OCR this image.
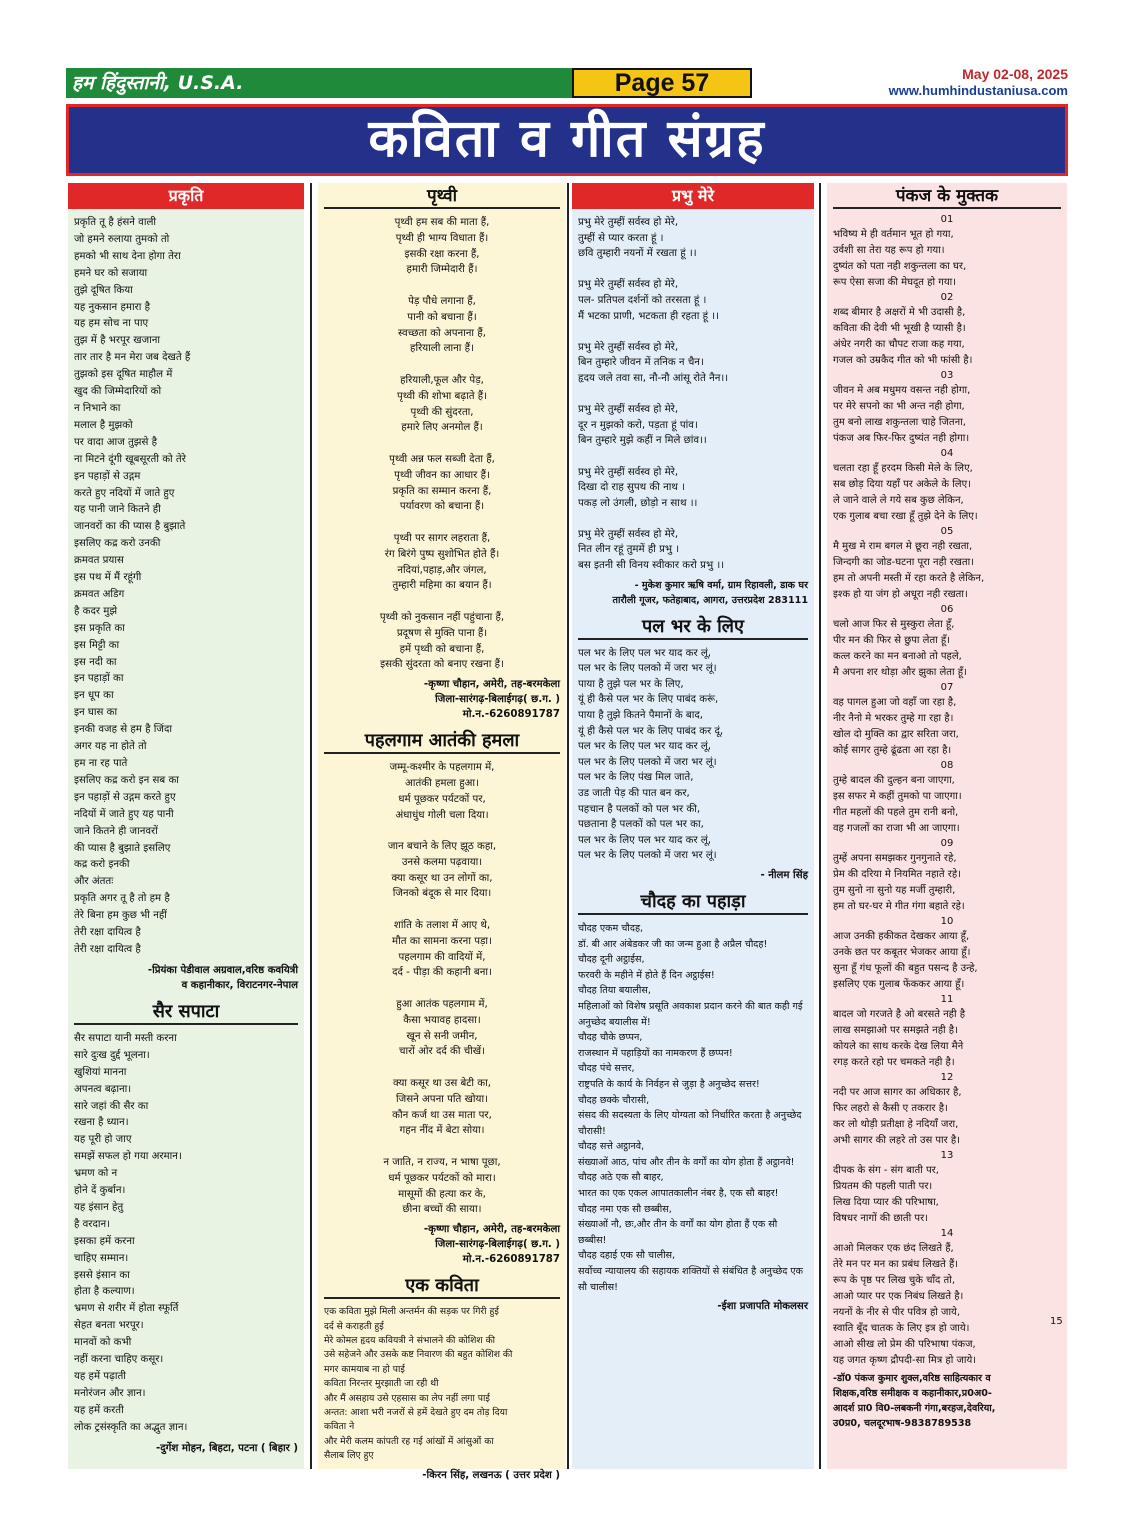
हम हिंदुस्तानी, U.S.A.	Page 57	May 02-08, 2025
www.humhindustaniusa.com
कविता व गीत संग्रह
प्रकृति
प्रकृति तू है हंसने वाली
जो हमने रुलाया तुमको तो
हमको भी साथ देना होगा तेरा
हमने घर को सजाया
तुझे दूषित किया
यह नुकसान हमारा है
यह हम सोच ना पाए
तुझ में है भरपूर खजाना
तार तार है मन मेरा जब देखते हैं
तुझको इस दूषित माहौल में
खुद की जिम्मेदारियों को
न निभाने का
मलाल है मुझको
पर वादा आज तुझसे है
ना मिटने दूंगी खूबसूरती को तेरे
इन पहाड़ों से उद्गम
करते हुए नदियों में जाते हुए
यह पानी जाने कितने ही
जानवरों का की प्यास है बुझाते
इसलिए कद्र करो उनकी
क्रमवत प्रयास
इस पथ में मैं रहूंगी
क्रमवत अडिग
है कदर मुझे
इस प्रकृति का
इस मिट्टी का
इस नदी का
इन पहाड़ों का
इन धूप का
इन घास का
इनकी वजह से हम है जिंदा
अगर यह ना होते तो
हम ना रह पाते
इसलिए कद्र करो इन सब का
इन पहाड़ों से उद्गम करते हुए
नदियों में जाते हुए यह पानी
जाने कितने ही जानवरों
की प्यास है बुझाते इसलिए
कद्र करो इनकी
और अंततः
प्रकृति अगर तू है तो हम है
तेरे बिना हम कुछ भी नहीं
तेरी रक्षा दायित्व है
तेरी रक्षा दायित्व है
-प्रियंका पेडीवाल अग्रवाल,वरिष्ठ कवयित्री
व कहानीकार, विराटनगर-नेपाल
सैर सपाटा
सैर सपाटा यानी मस्ती करना
सारे दुःख दुर्द्द भूलना।
खुशियां मानना
अपनत्व बढ़ाना।
सारे जहां की सैर का
रखना है ध्यान।
यह पूरी हो जाए
समझें सफल हो गया अरमान।
भ्रमण को न
होने दें कुर्बान।
यह इंसान हेतु
है वरदान।
इसका हमें करना
चाहिए सम्मान।
इससे इंसान का
होता है कल्याण।
भ्रमण से शरीर में होता स्फूर्ति
सेहत बनता भरपूर।
मानवों को कभी
नहीं करना चाहिए कसूर।
यह हमें पढ़ाती
मनोरंजन और ज्ञान।
यह हमें करती
लोक ट्रसंस्कृति का अद्भुत ज्ञान।
-दुर्गेश मोहन, बिहटा, पटना ( बिहार )
पृथ्वी
पृथ्वी हम सब की माता हैं,
पृथ्वी ही भाग्य विधाता हैं।
इसकी रक्षा करना हैं,
हमारी जिम्मेदारी हैं।

पेड़ पौधे लगाना हैं,
पानी को बचाना हैं।
स्वच्छता को अपनाना हैं,
हरियाली लाना हैं।

हरियाली,फूल और पेड़,
पृथ्वी की शोभा बढ़ाते हैं।
पृथ्वी की सुंदरता,
हमारे लिए अनमोल हैं।

पृथ्वी अन्न फल सब्जी देता हैं,
पृथ्वी जीवन का आधार हैं।
प्रकृति का सम्मान करना हैं,
पर्यावरण को बचाना हैं।

पृथ्वी पर सागर लहराता हैं,
रंग बिरंगे पुष्प सुशोभित होते हैं।
नदियां,पहाड़,और जंगल,
तुम्हारी महिमा का बयान हैं।

पृथ्वी को नुकसान नहीं पहुंचाना हैं,
प्रदूषण से मुक्ति पाना हैं।
हमें पृथ्वी को बचाना हैं,
इसकी सुंदरता को बनाए रखना हैं।
-कृष्णा चौहान, अमेरी, तह-बरमकेला
जिला-सारंगढ़-बिलाईगढ़( छ.ग. )
मो.न.-6260891787
पहलगाम आतंकी हमला
जम्मू-कश्मीर के पहलगाम में,
आतंकी हमला हुआ।
धर्म पूछकर पर्यटकों पर,
अंधाधुंध गोली चला दिया।

जान बचाने के लिए झूठ कहा,
उनसे कलमा पढ़वाया।
क्या कसूर था उन लोगों का,
जिनको बंदूक से मार दिया।

शांति के तलाश में आए थे,
मौत का सामना करना पड़ा।
पहलगाम की वादियों में,
दर्द - पीड़ा की कहानी बना।

हुआ आतंक पहलगाम में,
कैसा भयावह हादसा।
खून से सनी जमीन,
चारों ओर दर्द की चीखें।

क्या कसूर था उस बेटी का,
जिसने अपना पति खोया।
कौन कर्ज था उस माता पर,
गहन नींद में बेटा सोया।

न जाति, न राज्य, न भाषा पूछा,
धर्म पूछकर पर्यटकों को मारा।
मासूमों की हत्या कर के,
छीना बच्चों की साया।
-कृष्णा चौहान, अमेरी, तह-बरमकेला
जिला-सारंगढ़-बिलाईगढ़( छ.ग. )
मो.न.-6260891787
एक कविता
एक कविता मुझे मिली अन्तर्मन की सड़क पर गिरी हुई
दर्द से कराहती हुई
मेरे कोमल हृदय कवियत्री ने संभालने की कोशिश की
उसे सहेजने और उसके कष्ट निवारण की बहुत कोशिश की
मगर कामयाब ना हो पाई
कविता निरन्तर मुरझाती जा रही थी
और मैं असहाय उसे एहसास का लेप नहीं लगा पाई
अन्तत: आशा भरी नजरों से हमें देखते हुए दम तोड़ दिया
कविता ने
और मेरी कलम कांपती रह गई आंखों में आंसुओं का
सैलाब लिए हुए
-किरन सिंह, लखनऊ ( उत्तर प्रदेश )
प्रभु मेरे
प्रभु मेरे तुम्हीं सर्वस्व हो मेरे,
तुम्हीं से प्यार करता हूं ।
छवि तुम्हारी नयनों में रखता हूं ।।

प्रभु मेरे तुम्हीं सर्वस्व हो मेरे,
पल- प्रतिपल दर्शनों को तरसता हूं ।
मैं भटका प्राणी, भटकता ही रहता हूं ।।

प्रभु मेरे तुम्हीं सर्वस्व हो मेरे,
बिन तुम्हारे जीवन में तनिक न चैन।
हृदय जले तवा सा, नौ-नौ आंसू रोते नैन।।

प्रभु मेरे तुम्हीं सर्वस्व हो मेरे,
दूर न मुझको करो, पड़ता हूं पांव।
बिन तुम्हारे मुझे कहीं न मिले छांव।।

प्रभु मेरे तुम्हीं सर्वस्व हो मेरे,
दिखा दो राह सुपथ की नाथ ।
पकड़ लो उंगली, छोड़ो न साथ ।।

प्रभु मेरे तुम्हीं सर्वस्व हो मेरे,
नित लीन रहूं तुममें ही प्रभु ।
बस इतनी सी विनय स्वीकार करो प्रभु ।।
- मुकेश कुमार ऋषि वर्मा, ग्राम रिहावली, डाक घर
तारौली गूजर, फतेहाबाद, आगरा, उत्तरप्रदेश 283111
पल भर के लिए
पल भर के लिए पल भर याद कर लूं,
पल भर के लिए पलको में जरा भर लूं।
पाया है तुझे पल भर के लिए,
यूं ही कैसे पल भर के लिए पाबंद करूं,
पाया है तुझे कितने पैमानों के बाद,
यूं ही कैसे पल भर के लिए पाबंद कर दूं,
पल भर के लिए पल भर याद कर लूं,
पल भर के लिए पलको में जरा भर लूं।
पल भर के लिए पंख मिल जाते,
उड जाती पेड़ की पात बन कर,
पहचान है पलकों को पल भर की,
पछताना है पलकों को पल भर का,
पल भर के लिए पल भर याद कर लूं,
पल भर के लिए पलको में जरा भर लूं।
- नीलम सिंह
चौदह का पहाड़ा
चौदह एकम चौदह,
डॉ. बी आर अंबेडकर जी का जन्म हुआ है अप्रैल चौदह!
चौदह दूनी अट्ठाईस,
फरवरी के महीने में होते हैं दिन अट्ठाईस!
चौदह तिया बयालीस,
महिलाओं को विशेष प्रसूति अवकाश प्रदान करने की बात कही गई अनुच्छेद बयालीस में!
चौदह चौके छप्पन,
राजस्थान में पहाड़ियों का नामकरण हैं छप्पन!
चौदह पंचे सत्तर,
राष्ट्रपति के कार्य के निर्वहन से जुड़ा है अनुच्छेद सत्तर!
चौदह छक्के चौरासी,
संसद की सदस्यता के लिए योग्यता को निर्धारित करता है अनुच्छेद चौरासी!
चौदह सत्ते अट्ठानवे,
संख्याओं आठ, पांच और तीन के वर्गों का योग होता हैं अट्ठानवे!
चौदह अठे एक सौ बाहर,
भारत का एक एकल आपातकालीन नंबर है, एक सौ बाहर!
चौदह नमा एक सौ छब्बीस,
संख्याओं नौ, छः,और तीन के वर्गों का योग होता हैं एक सौ छब्बीस!
चौदह दहाई एक सौ चालीस,
सर्वोच्च न्यायालय की सहायक शक्तियों से संबंधित है अनुच्छेद एक सौ चालीस!
-ईशा प्रजापति मोकलसर
पंकज के मुक्तक
01
भविष्य मे ही वर्तमान भूत हो गया,
उर्वशी सा तेरा यह रूप हो गया।
दुष्यंत को पता नही शकुन्तला का घर,
रूप ऐसा सजा की मेघदूत हो गया।
02
शब्द बीमार है अक्षरों मे भी उदासी है,
कविता की देवी भी भूखी है प्यासी है।
अंधेर नगरी का चौपट राजा कह गया,
गजल को उम्रकैद गीत को भी फांसी है।
03
जीवन मे अब मधुमय वसन्त नही होगा,
पर मेरे सपनो का भी अन्त नही होगा,
तुम बनो लाख शकुन्तला चाहे जितना,
पंकज अब फिर-फिर दुष्यंत नही होगा।
04
चलता रहा हूँ हरदम किसी मेले के लिए,
सब छोड़ दिया यहाँ पर अकेले के लिए।
ले जाने वाले ले गये सब कुछ लेकिन,
एक गुलाब बचा रखा हूँ तुझे देने के लिए।
05
मै मुख मे राम बगल मे छूरा नही रखता,
जिन्दगी का जोड-घटना पूरा नही रखता।
हम तो अपनी मस्ती में रहा करते है लेकिन,
इश्क हो या जंग हो अधूरा नही रखता।
06
चलो आज फिर से मुस्कुरा लेता हूँ,
पीर मन की फिर से छुपा लेता हूँ।
कत्ल करने का मन बनाओ तो पहले,
मै अपना शर थोड़ा और झुका लेता हूँ।
07
वह पागल हुआ जो वहाँ जा रहा है,
नीर नैनो मे भरकर तुम्हे गा रहा है।
खोल दो मुक्ति का द्वार सरिता जरा,
कोई सागर तुम्हे ढूंढता आ रहा है।
08
तुम्हे बादल की दुल्हन बना जाएगा,
इस सफर मे कहीं तुमको पा जाएगा।
गीत महलों की पहले तुम रानी बनो,
वह गजलों का राजा भी आ जाएगा।
09
तुम्हें अपना समझकर गुनगुनाते रहे,
प्रेम की दरिया मे नियमित नहाते रहे।
तुम सुनो ना सुनो यह मर्जी तुम्हारी,
हम तो घर-घर मे गीत गंगा बहाते रहे।
10
आज उनकी हकीकत देखकर आया हूँ,
उनके छत पर कबूतर भेजकर आया हूँ।
सुना हूँ गंध फूलों की बहुत पसन्द है उन्हे,
इसलिए एक गुलाब फेंककर आया हूँ।
11
बादल जो गरजते है ओ बरसते नही है
लाख समझाओ पर समझते नही है।
कोयले का साथ करके देख लिया मैने
रगड़ करते रहो पर चमकते नही है।
12
नदी पर आज सागर का अधिकार है,
फिर लहरो से कैसी ए तकरार है।
कर लो थोड़ी प्रतीक्षा हे नदियाँ जरा,
अभी सागर की लहरे तो उस पार है।
13
दीपक के संग - संग बाती पर,
प्रियतम की पहली पाती पर।
लिख दिया प्यार की परिभाषा,
विषधर नागों की छाती पर।
14
आओ मिलकर एक छंद लिखते हैं,
तेरे मन पर मन का प्रबंध लिखते हैं।
रूप के पृष्ठ पर लिख चुके चाँद तो,
आओ प्यार पर एक निबंध लिखते है।
नयनों के नीर से पीर पवित्र हो जाये,
स्वाति बूँद चातक के लिए इत्र हो जाये।
आओ सीख लो प्रेम की परिभाषा पंकज,
यह जगत कृष्ण द्रौपदी-सा मित्र हो जाये।
-डॉ0 पंकज कुमार शुक्ल,वरिष्ठ साहित्यकार व
शिक्षक,वरिष्ठ समीक्षक व कहानीकार,प्र0अ0-
आदर्श प्रा0 वि0-लबकनी गंगा,बरहज,देवरिया,
उ0प्र0, चलदूरभाष-9838789538
15
